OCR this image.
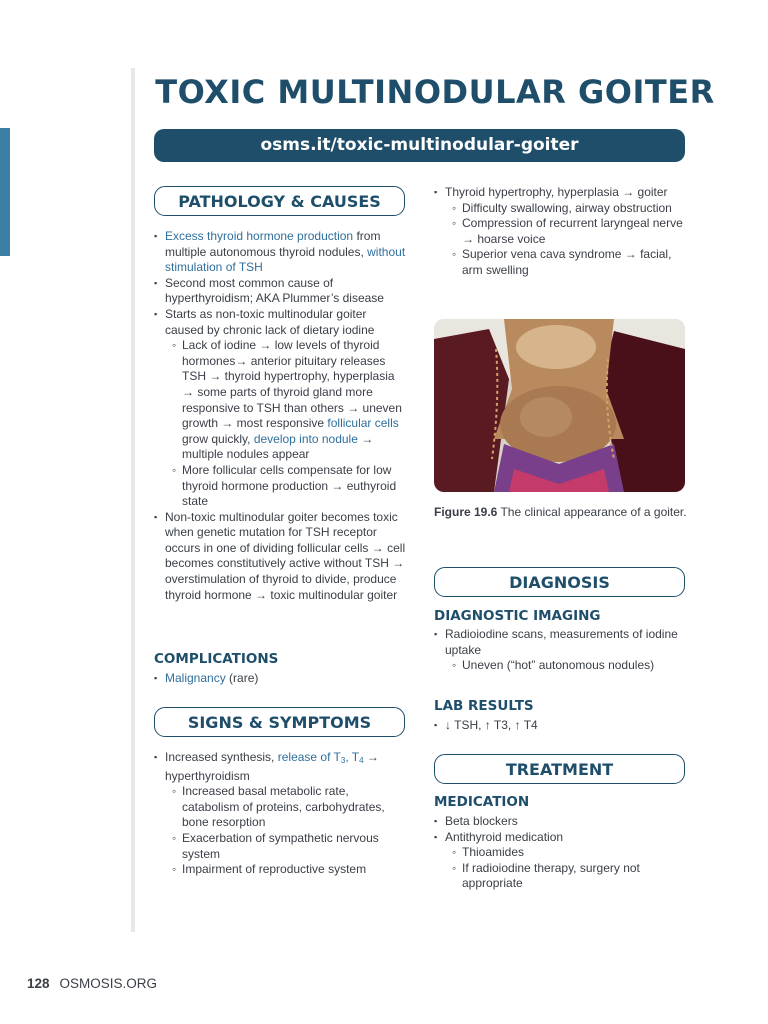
TOXIC MULTINODULAR GOITER
osms.it/toxic-multinodular-goiter
PATHOLOGY & CAUSES
▪ Excess thyroid hormone production from multiple autonomous thyroid nodules, without stimulation of TSH
▪ Second most common cause of hyperthyroidism; AKA Plummer’s disease
▪ Starts as non-toxic multinodular goiter caused by chronic lack of dietary iodine
◦ Lack of iodine → low levels of thyroid hormones→ anterior pituitary releases TSH → thyroid hypertrophy, hyperplasia → some parts of thyroid gland more responsive to TSH than others → uneven growth → most responsive follicular cells grow quickly, develop into nodule → multiple nodules appear
◦ More follicular cells compensate for low thyroid hormone production → euthyroid state
▪ Non-toxic multinodular goiter becomes toxic when genetic mutation for TSH receptor occurs in one of dividing follicular cells → cell becomes constitutively active without TSH → overstimulation of thyroid to divide, produce thyroid hormone → toxic multinodular goiter
COMPLICATIONS
▪ Malignancy (rare)
SIGNS & SYMPTOMS
▪ Increased synthesis, release of $T_3$, $T_4$ → hyperthyroidism
◦ Increased basal metabolic rate, catabolism of proteins, carbohydrates, bone resorption
◦ Exacerbation of sympathetic nervous system
◦ Impairment of reproductive system
▪ Thyroid hypertrophy, hyperplasia → goiter
◦ Difficulty swallowing, airway obstruction
◦ Compression of recurrent laryngeal nerve → hoarse voice
◦ Superior vena cava syndrome → facial, arm swelling
Figure 19.6 The clinical appearance of a goiter.
DIAGNOSIS
DIAGNOSTIC IMAGING
▪ Radioiodine scans, measurements of iodine uptake
◦ Uneven (“hot” autonomous nodules)
LAB RESULTS
▪ ↓ TSH, ↑ T3, ↑ T4
TREATMENT
MEDICATION
▪ Beta blockers
▪ Antithyroid medication
◦ Thioamides
◦ If radioiodine therapy, surgery not appropriate
128 OSMOSIS.ORG
